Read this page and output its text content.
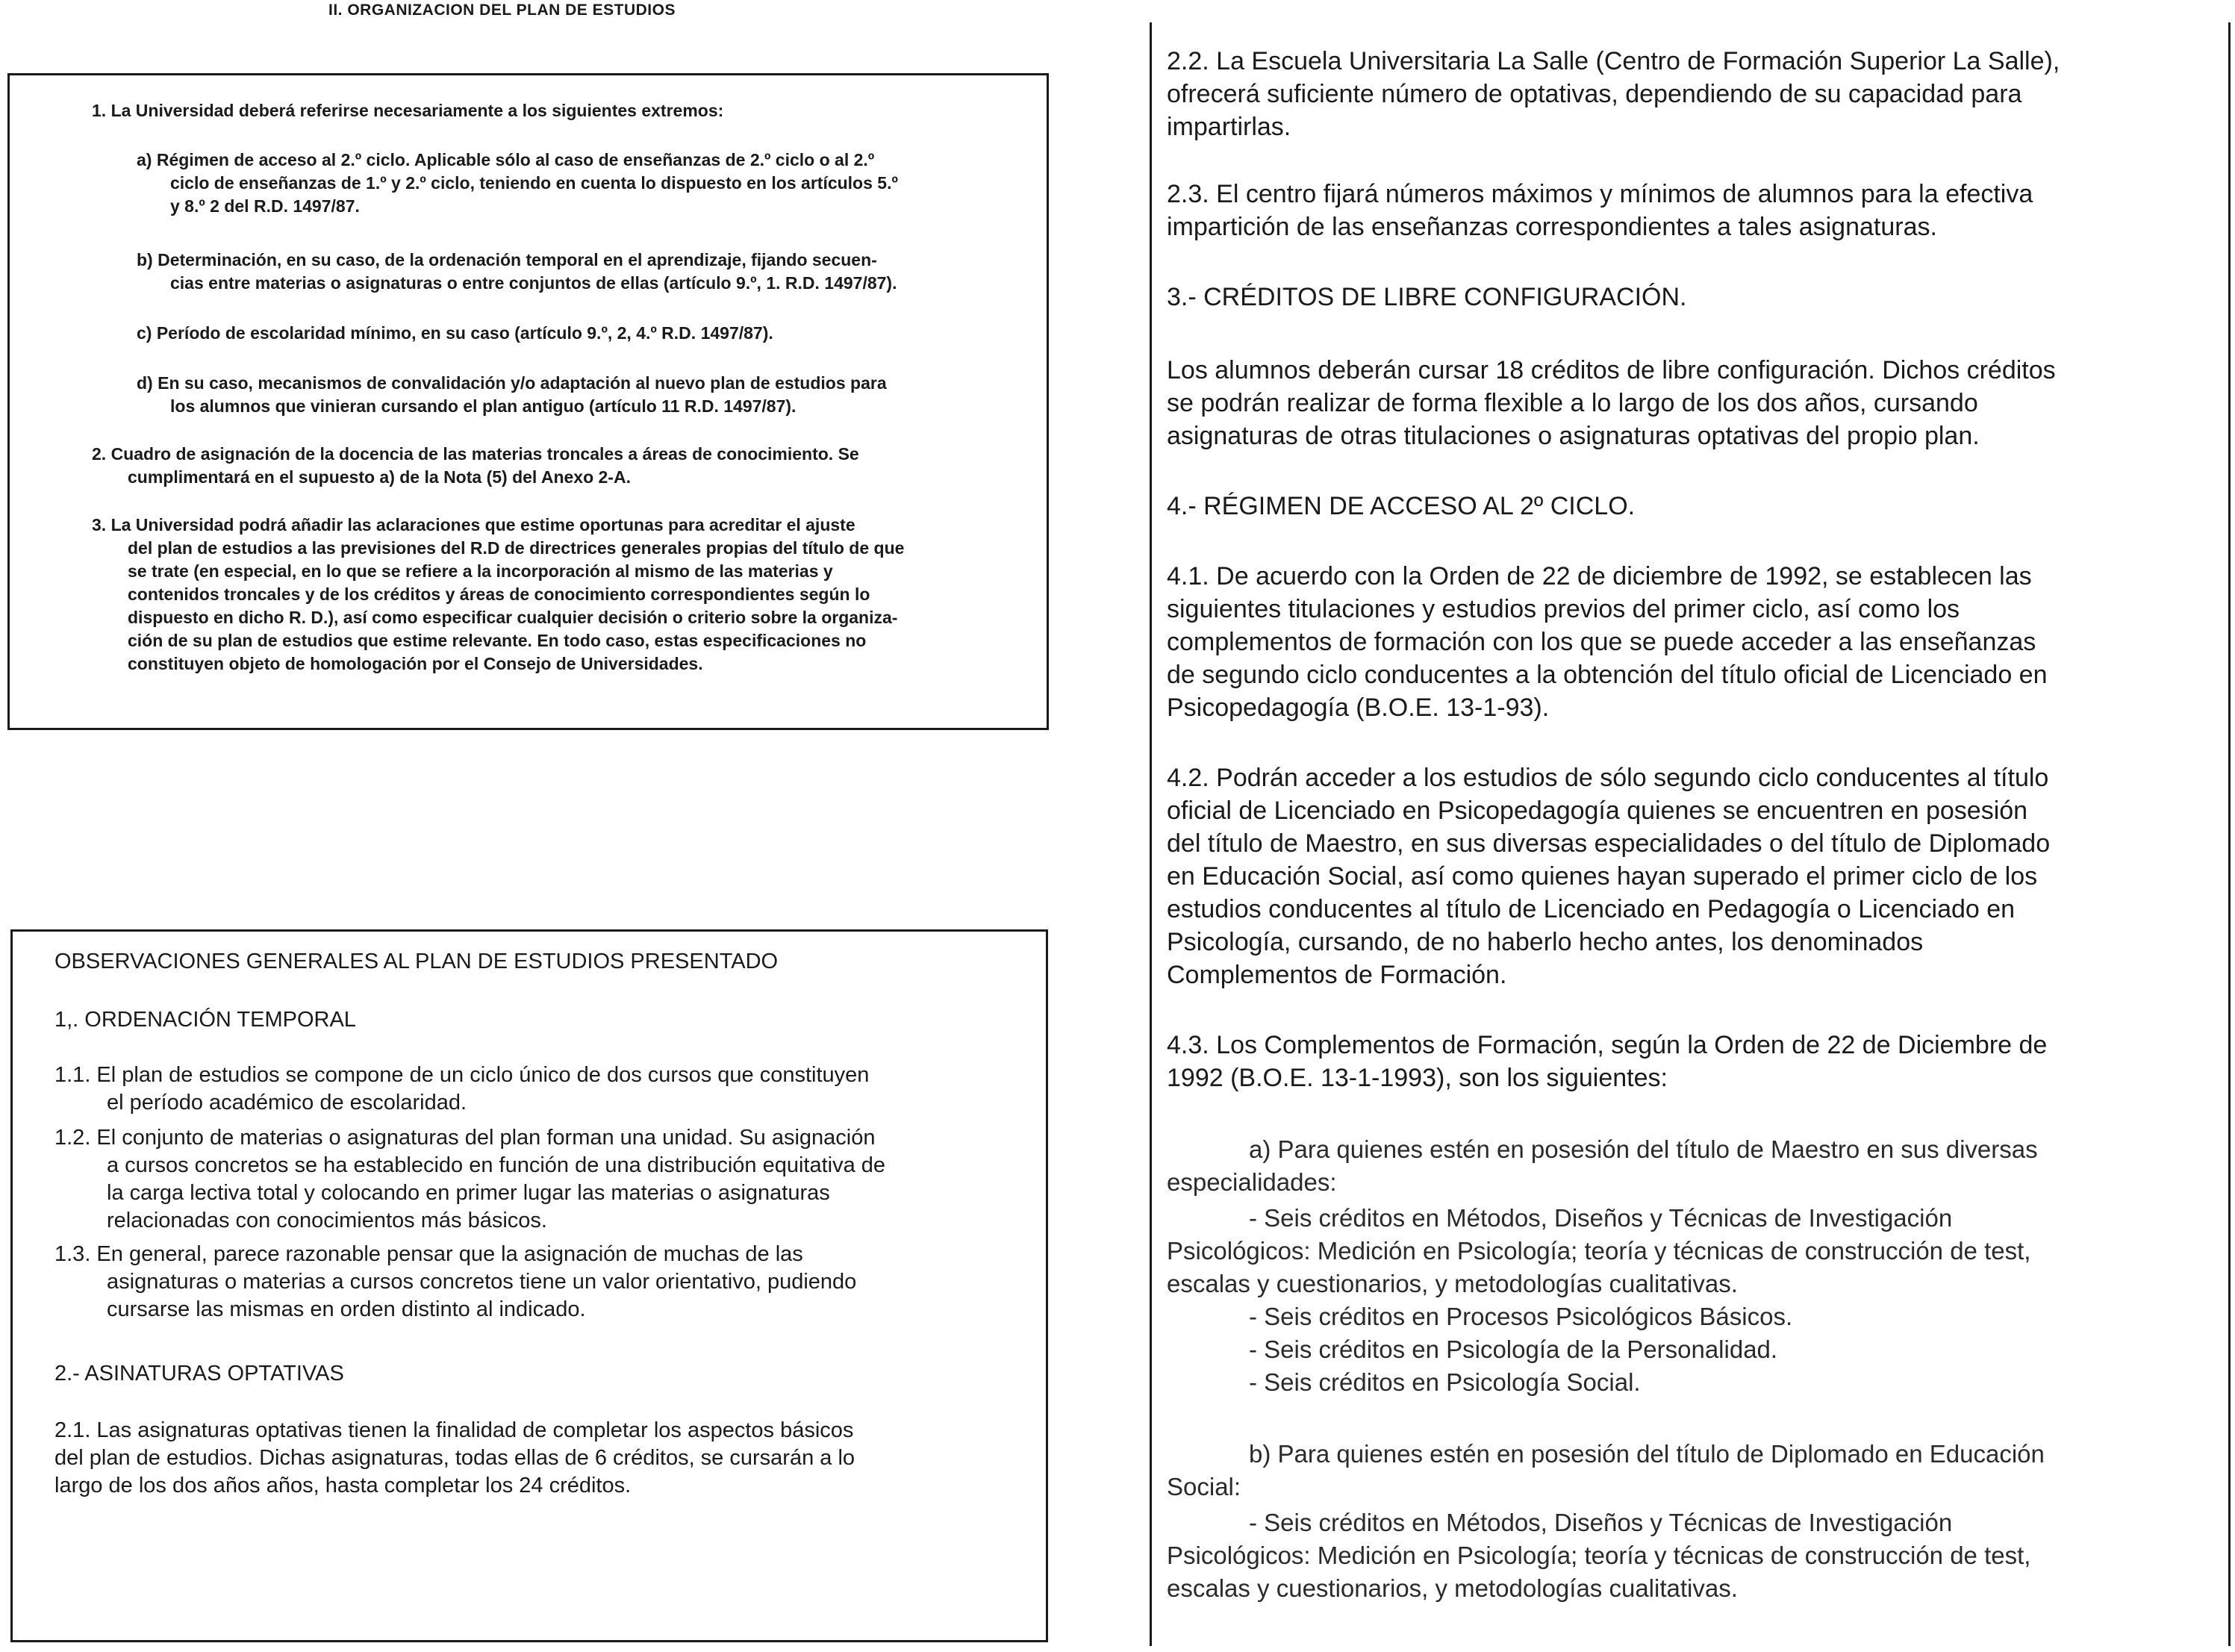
II. ORGANIZACION DEL PLAN DE ESTUDIOS
1. La Universidad deberá referirse necesariamente a los siguientes extremos:
a) Régimen de acceso al 2.º ciclo. Aplicable sólo al caso de enseñanzas de 2.º ciclo o al 2.º
ciclo de enseñanzas de 1.º y 2.º ciclo, teniendo en cuenta lo dispuesto en los artículos 5.º
y 8.º 2 del R.D. 1497/87.
b) Determinación, en su caso, de la ordenación temporal en el aprendizaje, fijando secuen-
cias entre materias o asignaturas o entre conjuntos de ellas (artículo 9.º, 1. R.D. 1497/87).
c) Período de escolaridad mínimo, en su caso (artículo 9.º, 2, 4.º R.D. 1497/87).
d) En su caso, mecanismos de convalidación y/o adaptación al nuevo plan de estudios para
los alumnos que vinieran cursando el plan antiguo (artículo 11 R.D. 1497/87).
2. Cuadro de asignación de la docencia de las materias troncales a áreas de conocimiento. Se
cumplimentará en el supuesto a) de la Nota (5) del Anexo 2-A.
3. La Universidad podrá añadir las aclaraciones que estime oportunas para acreditar el ajuste
del plan de estudios a las previsiones del R.D de directrices generales propias del título de que
se trate (en especial, en lo que se refiere a la incorporación al mismo de las materias y
contenidos troncales y de los créditos y áreas de conocimiento correspondientes según lo
dispuesto en dicho R. D.), así como especificar cualquier decisión o criterio sobre la organiza-
ción de su plan de estudios que estime relevante. En todo caso, estas especificaciones no
constituyen objeto de homologación por el Consejo de Universidades.
OBSERVACIONES GENERALES AL PLAN DE ESTUDIOS PRESENTADO
1,. ORDENACIÓN TEMPORAL
1.1. El plan de estudios se compone de un ciclo único de dos cursos que constituyen
el período académico de escolaridad.
1.2. El conjunto de materias o asignaturas del plan forman una unidad. Su asignación
a cursos concretos se ha establecido en función de una distribución equitativa de
la carga lectiva total y colocando en primer lugar las materias o asignaturas
relacionadas con conocimientos más básicos.
1.3. En general, parece razonable pensar que la asignación de muchas de las
asignaturas o materias a cursos concretos tiene un valor orientativo, pudiendo
cursarse las mismas en orden distinto al indicado.
2.- ASINATURAS OPTATIVAS
2.1. Las asignaturas optativas tienen la finalidad de completar los aspectos básicos
del plan de estudios. Dichas asignaturas, todas ellas de 6 créditos, se cursarán a lo
largo de los dos años años, hasta completar los 24 créditos.
2.2. La Escuela Universitaria La Salle (Centro de Formación Superior La Salle),
ofrecerá suficiente número de optativas, dependiendo de su capacidad para
impartirlas.
2.3. El centro fijará números máximos y mínimos de alumnos para la efectiva
impartición de las enseñanzas correspondientes a tales asignaturas.
3.- CRÉDITOS DE LIBRE CONFIGURACIÓN.
Los alumnos deberán cursar 18 créditos de libre configuración. Dichos créditos
se podrán realizar de forma flexible a lo largo de los dos años, cursando
asignaturas de otras titulaciones o asignaturas optativas del propio plan.
4.- RÉGIMEN DE ACCESO AL 2º CICLO.
4.1. De acuerdo con la Orden de 22 de diciembre de 1992, se establecen las
siguientes titulaciones y estudios previos del primer ciclo, así como los
complementos de formación con los que se puede acceder a las enseñanzas
de segundo ciclo conducentes a la obtención del título oficial de Licenciado en
Psicopedagogía (B.O.E. 13-1-93).
4.2. Podrán acceder a los estudios de sólo segundo ciclo conducentes al título
oficial de Licenciado en Psicopedagogía quienes se encuentren en posesión
del título de Maestro, en sus diversas especialidades o del título de Diplomado
en Educación Social, así como quienes hayan superado el primer ciclo de los
estudios conducentes al título de Licenciado en Pedagogía o Licenciado en
Psicología, cursando, de no haberlo hecho antes, los denominados
Complementos de Formación.
4.3. Los Complementos de Formación, según la Orden de 22 de Diciembre de
1992 (B.O.E. 13-1-1993), son los siguientes:
a) Para quienes estén en posesión del título de Maestro en sus diversas
especialidades:
- Seis créditos en Métodos, Diseños y Técnicas de Investigación
Psicológicos: Medición en Psicología; teoría y técnicas de construcción de test,
escalas y cuestionarios, y metodologías cualitativas.
- Seis créditos en Procesos Psicológicos Básicos.
- Seis créditos en Psicología de la Personalidad.
- Seis créditos en Psicología Social.
b) Para quienes estén en posesión del título de Diplomado en Educación
Social:
- Seis créditos en Métodos, Diseños y Técnicas de Investigación
Psicológicos: Medición en Psicología; teoría y técnicas de construcción de test,
escalas y cuestionarios, y metodologías cualitativas.
